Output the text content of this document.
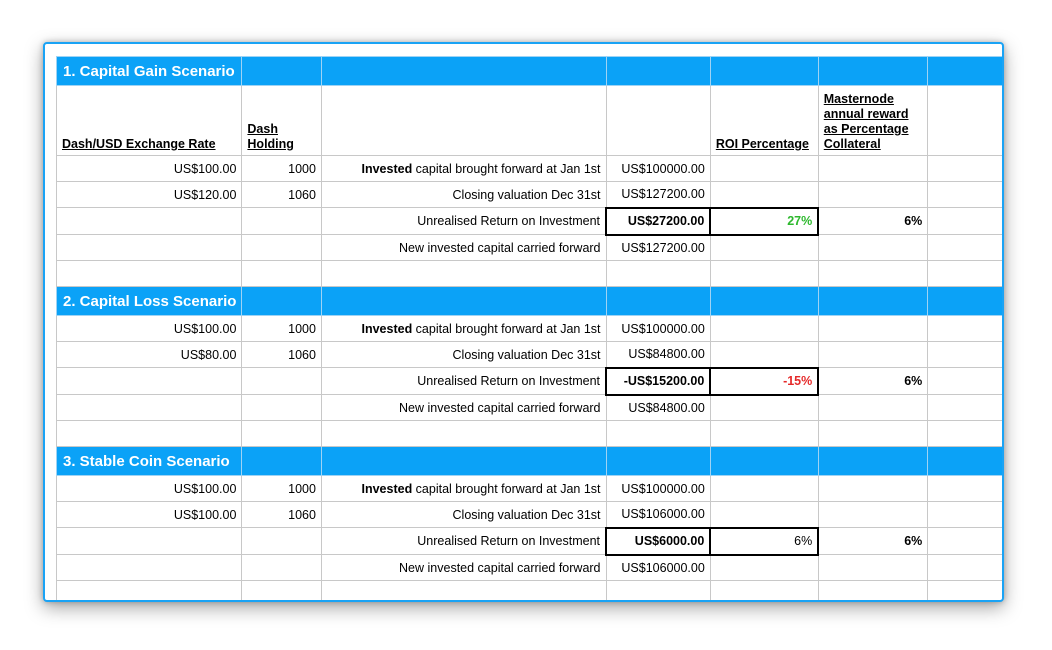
1. Capital Gain Scenario						
Dash/USD Exchange Rate	Dash Holding			ROI Percentage	Masternode annual reward as Percentage Collateral	
US$100.00	1000	Invested capital brought forward at Jan 1st	US$100000.00			
US$120.00	1060	Closing valuation Dec 31st	US$127200.00			
		Unrealised Return on Investment	US$27200.00	27%	6%	
		New invested capital carried forward	US$127200.00			

2. Capital Loss Scenario						
US$100.00	1000	Invested capital brought forward at Jan 1st	US$100000.00			
US$80.00	1060	Closing valuation Dec 31st	US$84800.00			
		Unrealised Return on Investment	-US$15200.00	-15%	6%	
		New invested capital carried forward	US$84800.00			

3. Stable Coin Scenario						
US$100.00	1000	Invested capital brought forward at Jan 1st	US$100000.00			
US$100.00	1060	Closing valuation Dec 31st	US$106000.00			
		Unrealised Return on Investment	US$6000.00	6%	6%	
		New invested capital carried forward	US$106000.00			
